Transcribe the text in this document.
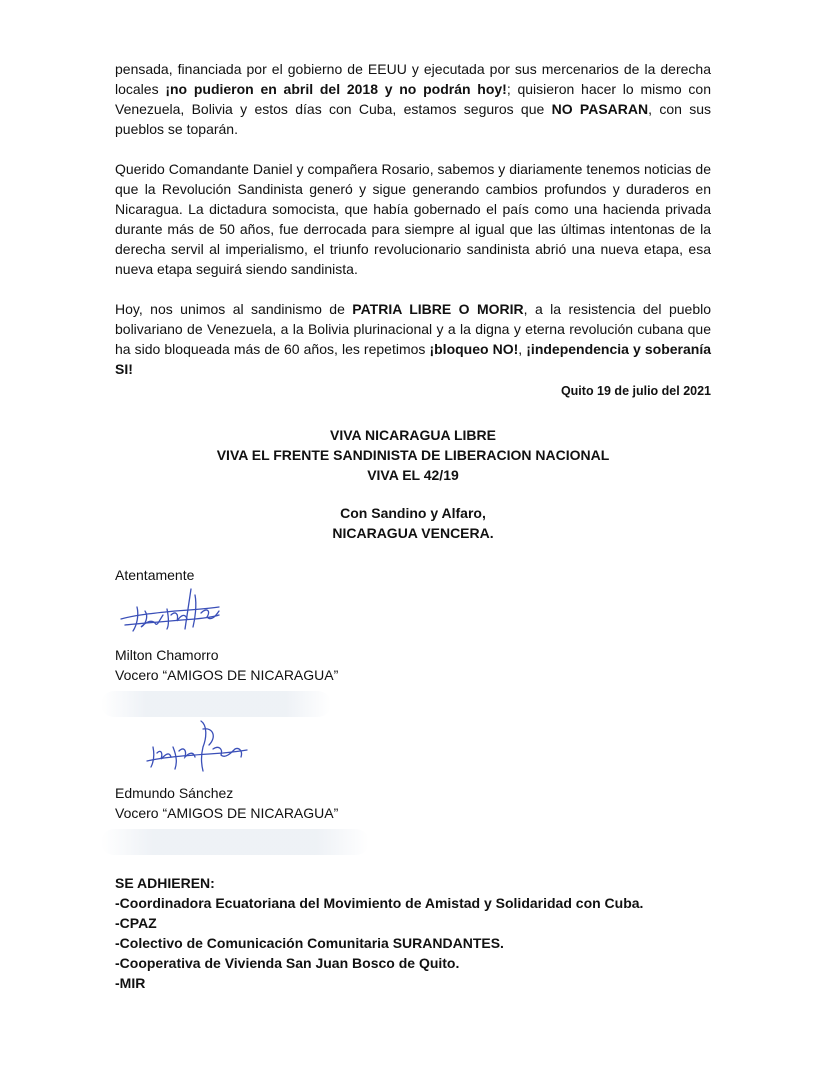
pensada, financiada por el gobierno de EEUU y ejecutada por sus mercenarios de la derecha locales ¡no pudieron en abril del 2018 y no podrán hoy!; quisieron hacer lo mismo con Venezuela, Bolivia y estos días con Cuba, estamos seguros que NO PASARAN, con sus pueblos se toparán.

Querido Comandante Daniel y compañera Rosario, sabemos y diariamente tenemos noticias de que la Revolución Sandinista generó y sigue generando cambios profundos y duraderos en Nicaragua. La dictadura somocista, que había gobernado el país como una hacienda privada durante más de 50 años, fue derrocada para siempre al igual que las últimas intentonas de la derecha servil al imperialismo, el triunfo revolucionario sandinista abrió una nueva etapa, esa nueva etapa seguirá siendo sandinista.

Hoy, nos unimos al sandinismo de PATRIA LIBRE O MORIR, a la resistencia del pueblo bolivariano de Venezuela, a la Bolivia plurinacional y a la digna y eterna revolución cubana que ha sido bloqueada más de 60 años, les repetimos ¡bloqueo NO!, ¡independencia y soberanía SI!

Quito 19 de julio del 2021

VIVA NICARAGUA LIBRE

VIVA EL FRENTE SANDINISTA DE LIBERACION NACIONAL

VIVA EL 42/19

Con Sandino y Alfaro,

NICARAGUA VENCERA.

Atentamente

Milton Chamorro

Vocero “AMIGOS DE NICARAGUA”

Edmundo Sánchez

Vocero “AMIGOS DE NICARAGUA”

SE ADHIEREN:

-Coordinadora Ecuatoriana del Movimiento de Amistad y Solidaridad con Cuba.

-CPAZ

-Colectivo de Comunicación Comunitaria SURANDANTES.

-Cooperativa de Vivienda San Juan Bosco de Quito.

-MIR
